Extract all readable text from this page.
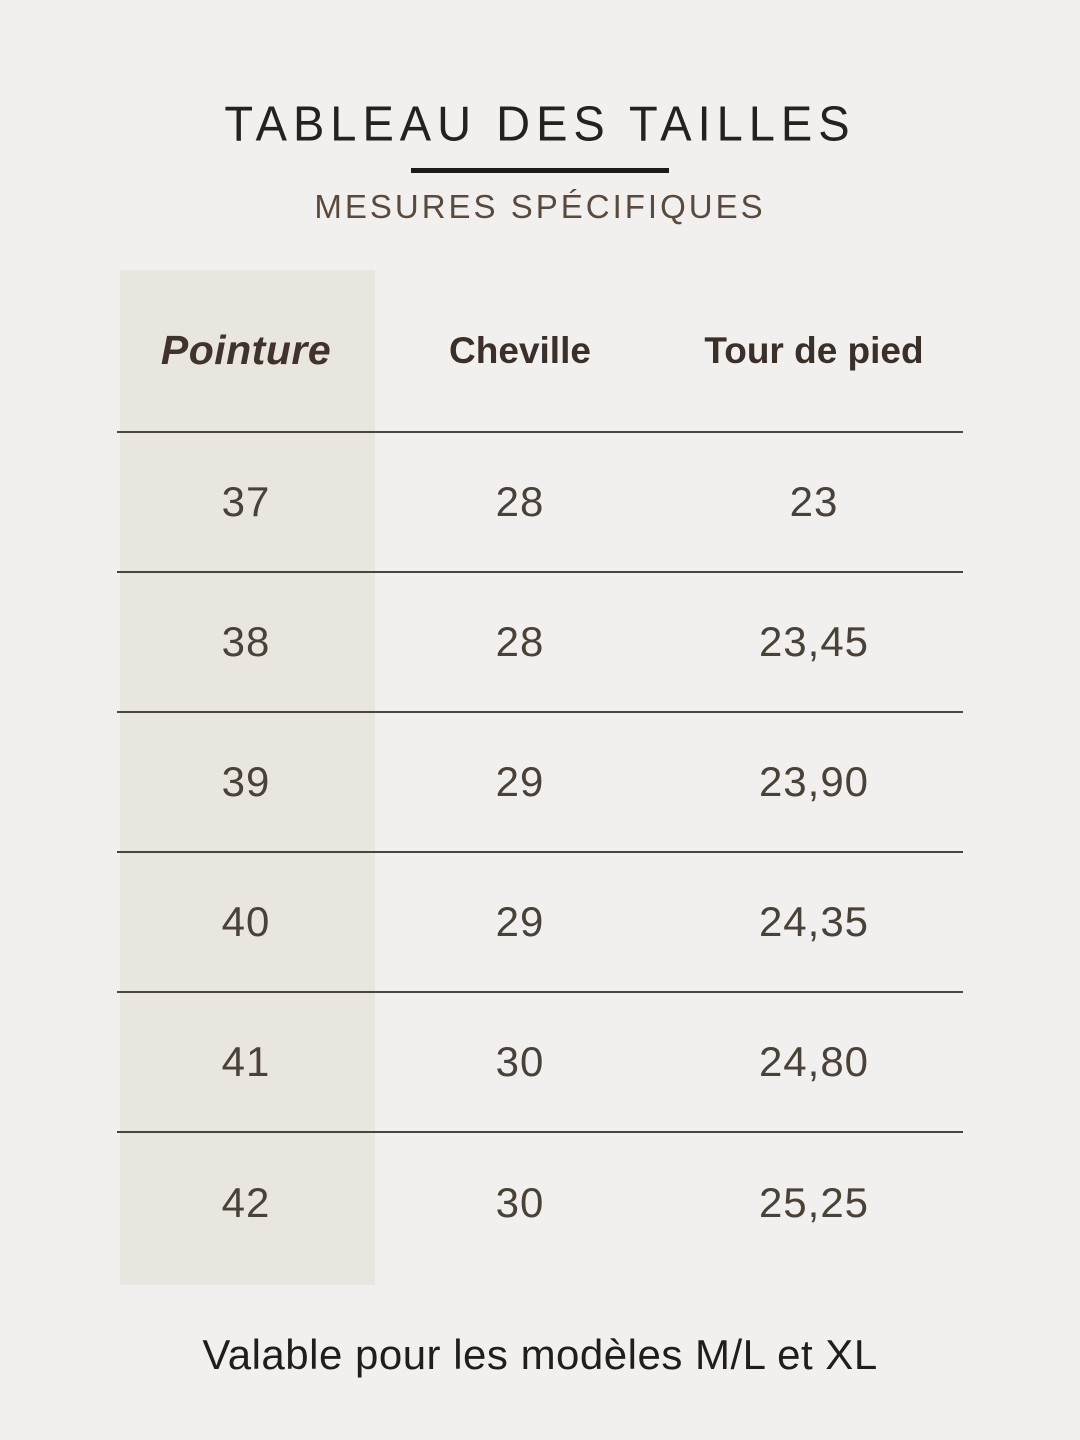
TABLEAU DES TAILLES
MESURES SPÉCIFIQUES
Pointure	Cheville	Tour de pied
37	28	23
38	28	23,45
39	29	23,90
40	29	24,35
41	30	24,80
42	30	25,25

Valable pour les modèles M/L et XL
